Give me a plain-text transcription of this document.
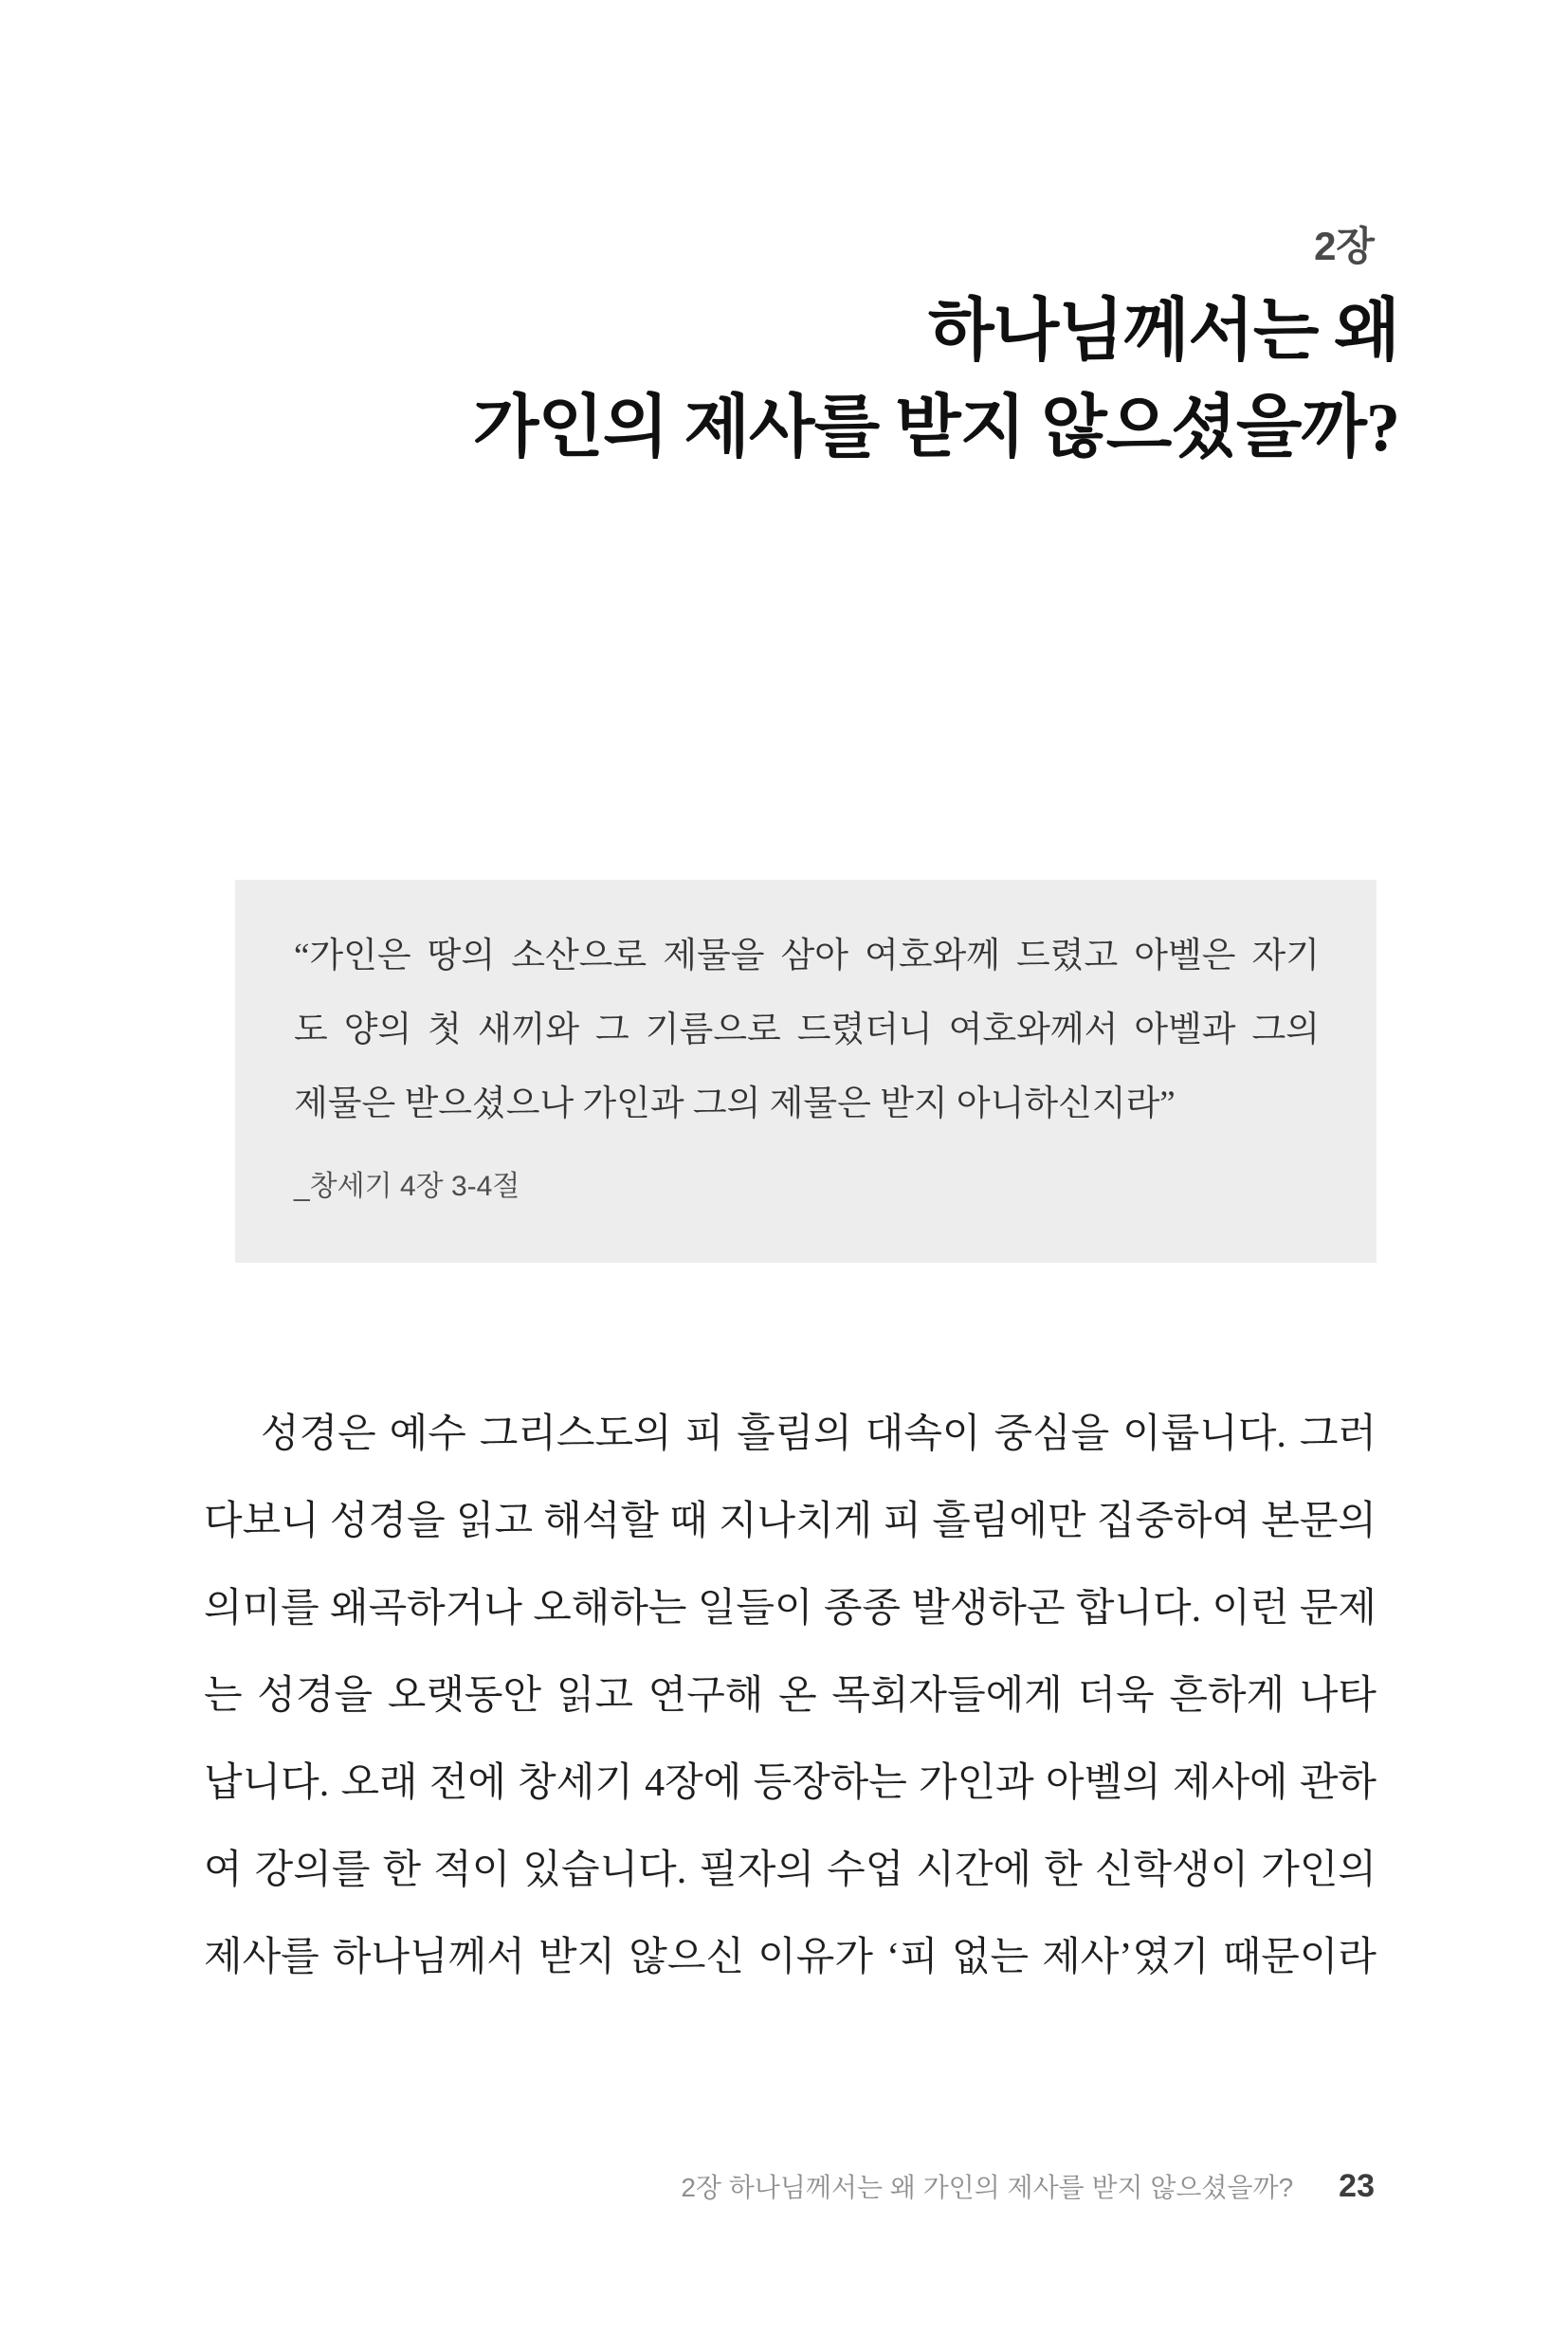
2장
하나님께서는 왜
가인의 제사를 받지 않으셨을까?
“가인은 땅의 소산으로 제물을 삼아 여호와께 드렸고 아벨은 자기
도 양의 첫 새끼와 그 기름으로 드렸더니 여호와께서 아벨과 그의
제물은 받으셨으나 가인과 그의 제물은 받지 아니하신지라”
_창세기 4장 3-4절
성경은 예수 그리스도의 피 흘림의 대속이 중심을 이룹니다. 그러
다보니 성경을 읽고 해석할 때 지나치게 피 흘림에만 집중하여 본문의
의미를 왜곡하거나 오해하는 일들이 종종 발생하곤 합니다. 이런 문제
는 성경을 오랫동안 읽고 연구해 온 목회자들에게 더욱 흔하게 나타
납니다. 오래 전에 창세기 4장에 등장하는 가인과 아벨의 제사에 관하
여 강의를 한 적이 있습니다. 필자의 수업 시간에 한 신학생이 가인의
제사를 하나님께서 받지 않으신 이유가 ‘피 없는 제사’였기 때문이라
2장 하나님께서는 왜 가인의 제사를 받지 않으셨을까? 23
